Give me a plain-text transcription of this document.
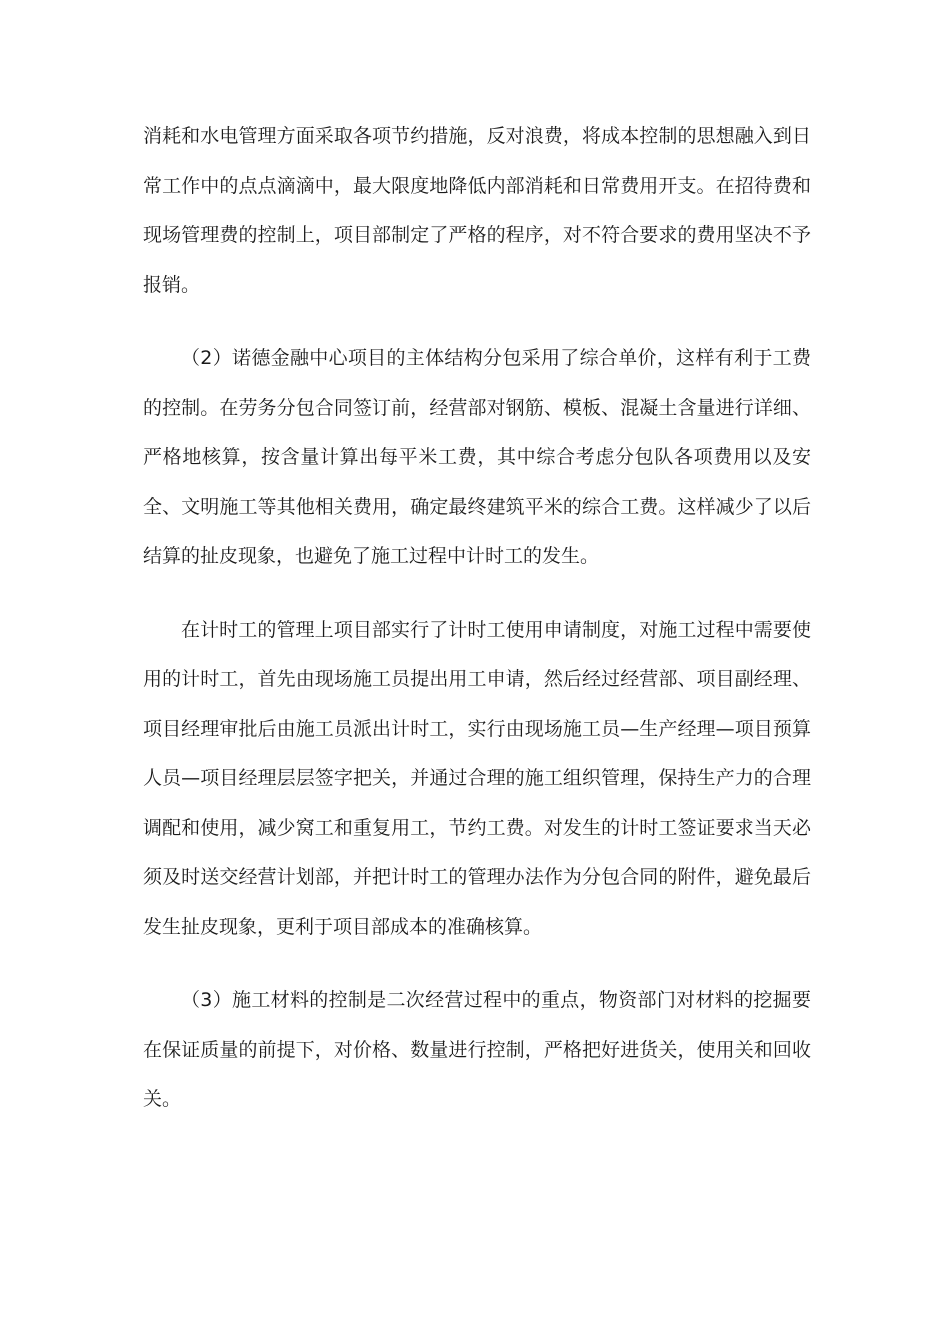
消耗和水电管理方面采取各项节约措施，反对浪费，将成本控制的思想融入到日常工作中的点点滴滴中，最大限度地降低内部消耗和日常费用开支。在招待费和现场管理费的控制上，项目部制定了严格的程序，对不符合要求的费用坚决不予报销。

（2）诺德金融中心项目的主体结构分包采用了综合单价，这样有利于工费的控制。在劳务分包合同签订前，经营部对钢筋、模板、混凝土含量进行详细、严格地核算，按含量计算出每平米工费，其中综合考虑分包队各项费用以及安全、文明施工等其他相关费用，确定最终建筑平米的综合工费。这样减少了以后结算的扯皮现象，也避免了施工过程中计时工的发生。

在计时工的管理上项目部实行了计时工使用申请制度，对施工过程中需要使用的计时工，首先由现场施工员提出用工申请，然后经过经营部、项目副经理、项目经理审批后由施工员派出计时工，实行由现场施工员—生产经理—项目预算人员—项目经理层层签字把关，并通过合理的施工组织管理，保持生产力的合理调配和使用，减少窝工和重复用工，节约工费。对发生的计时工签证要求当天必须及时送交经营计划部，并把计时工的管理办法作为分包合同的附件，避免最后发生扯皮现象，更利于项目部成本的准确核算。

（3）施工材料的控制是二次经营过程中的重点，物资部门对材料的挖掘要在保证质量的前提下，对价格、数量进行控制，严格把好进货关，使用关和回收关。
